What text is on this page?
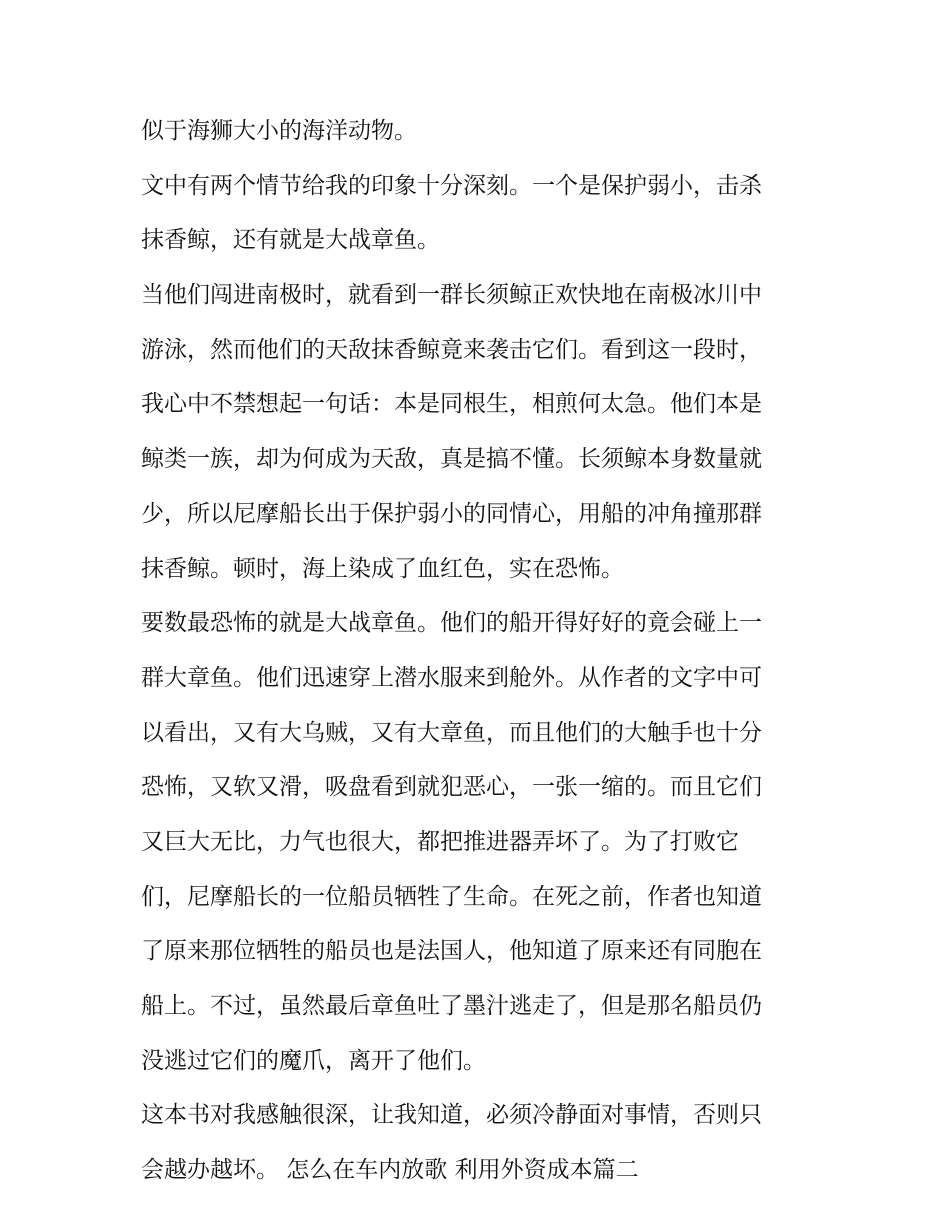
似于海狮大小的海洋动物。
文中有两个情节给我的印象十分深刻。一个是保护弱小，击杀
抹香鲸，还有就是大战章鱼。
当他们闯进南极时，就看到一群长须鲸正欢快地在南极冰川中
游泳，然而他们的天敌抹香鲸竟来袭击它们。看到这一段时，
我心中不禁想起一句话：本是同根生，相煎何太急。他们本是
鲸类一族，却为何成为天敌，真是搞不懂。长须鲸本身数量就
少，所以尼摩船长出于保护弱小的同情心，用船的冲角撞那群
抹香鲸。顿时，海上染成了血红色，实在恐怖。
要数最恐怖的就是大战章鱼。他们的船开得好好的竟会碰上一
群大章鱼。他们迅速穿上潜水服来到舱外。从作者的文字中可
以看出，又有大乌贼，又有大章鱼，而且他们的大触手也十分
恐怖，又软又滑，吸盘看到就犯恶心，一张一缩的。而且它们
又巨大无比，力气也很大，都把推进器弄坏了。为了打败它
们，尼摩船长的一位船员牺牲了生命。在死之前，作者也知道
了原来那位牺牲的船员也是法国人，他知道了原来还有同胞在
船上。不过，虽然最后章鱼吐了墨汁逃走了，但是那名船员仍
没逃过它们的魔爪，离开了他们。
这本书对我感触很深，让我知道，必须冷静面对事情，否则只
会越办越坏。 怎么在车内放歌 利用外资成本篇二
